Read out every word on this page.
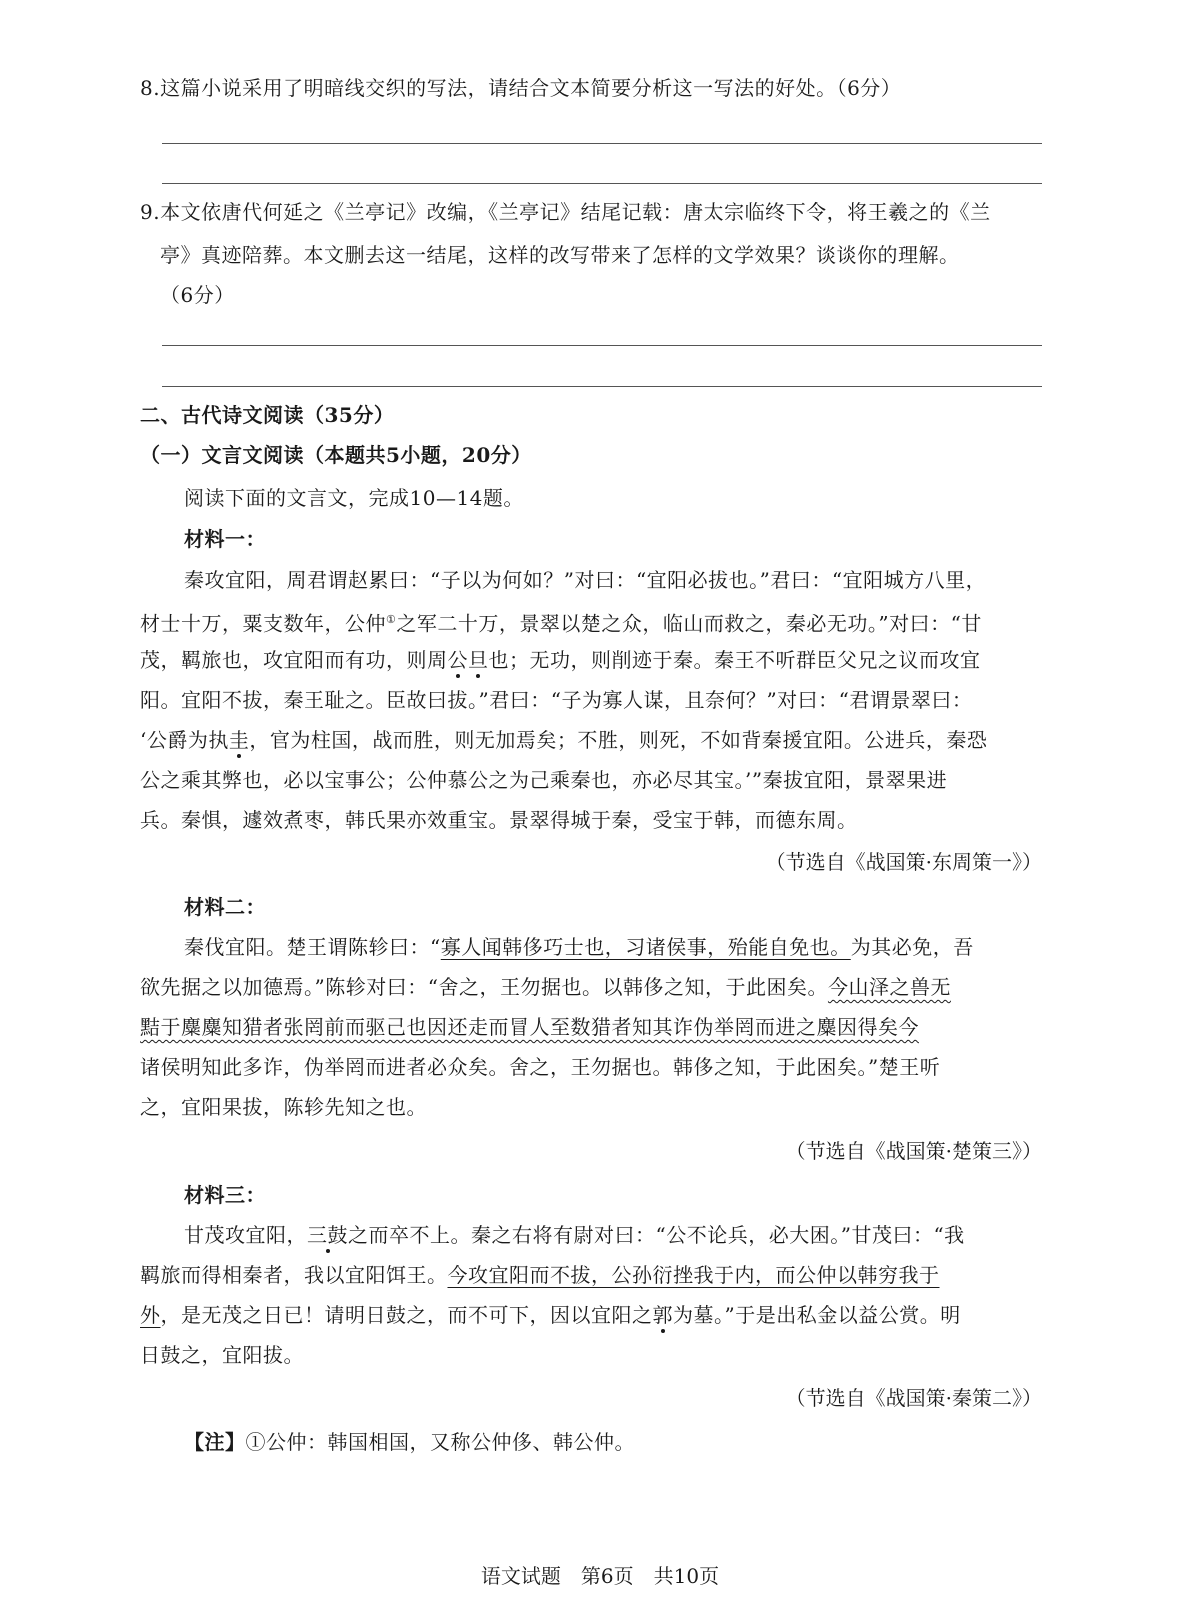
8.这篇小说采用了明暗线交织的写法，请结合文本简要分析这一写法的好处。（6分）
9.本文依唐代何延之《兰亭记》改编，《兰亭记》结尾记载：唐太宗临终下令，将王羲之的《兰
亭》真迹陪葬。本文删去这一结尾，这样的改写带来了怎样的文学效果？谈谈你的理解。
（6分）
二、古代诗文阅读（35分）
（一）文言文阅读（本题共5小题，20分）
阅读下面的文言文，完成10—14题。
材料一：
秦攻宜阳，周君谓赵累曰：“子以为何如？”对曰：“宜阳必拔也。”君曰：“宜阳城方八里，
材士十万，粟支数年，公仲①之军二十万，景翠以楚之众，临山而救之，秦必无功。”对曰：“甘
茂，羁旅也，攻宜阳而有功，则周公旦也；无功，则削迹于秦。秦王不听群臣父兄之议而攻宜
阳。宜阳不拔，秦王耻之。臣故曰拔。”君曰：“子为寡人谋，且奈何？”对曰：“君谓景翠曰：
‘公爵为执圭，官为柱国，战而胜，则无加焉矣；不胜，则死，不如背秦援宜阳。公进兵，秦恐
公之乘其弊也，必以宝事公；公仲慕公之为己乘秦也，亦必尽其宝。’”秦拔宜阳，景翠果进
兵。秦惧，遽效煮枣，韩氏果亦效重宝。景翠得城于秦，受宝于韩，而德东周。
（节选自《战国策·东周策一》）
材料二：
秦伐宜阳。楚王谓陈轸曰：“寡人闻韩侈巧士也，习诸侯事，殆能自免也。为其必免，吾
欲先据之以加德焉。”陈轸对曰：“舍之，王勿据也。以韩侈之知，于此困矣。今山泽之兽无
黠于麋麋知猎者张罔前而驱己也因还走而冒人至数猎者知其诈伪举罔而进之麋因得矣今
诸侯明知此多诈，伪举罔而进者必众矣。舍之，王勿据也。韩侈之知，于此困矣。”楚王听
之，宜阳果拔，陈轸先知之也。
（节选自《战国策·楚策三》）
材料三：
甘茂攻宜阳，三鼓之而卒不上。秦之右将有尉对曰：“公不论兵，必大困。”甘茂曰：“我
羁旅而得相秦者，我以宜阳饵王。今攻宜阳而不拔，公孙衍挫我于内，而公仲以韩穷我于
外，是无茂之日已！请明日鼓之，而不可下，因以宜阳之郭为墓。”于是出私金以益公赏。明
日鼓之，宜阳拔。
（节选自《战国策·秦策二》）
【注】①公仲：韩国相国，又称公仲侈、韩公仲。
语文试题　第6页　共10页
